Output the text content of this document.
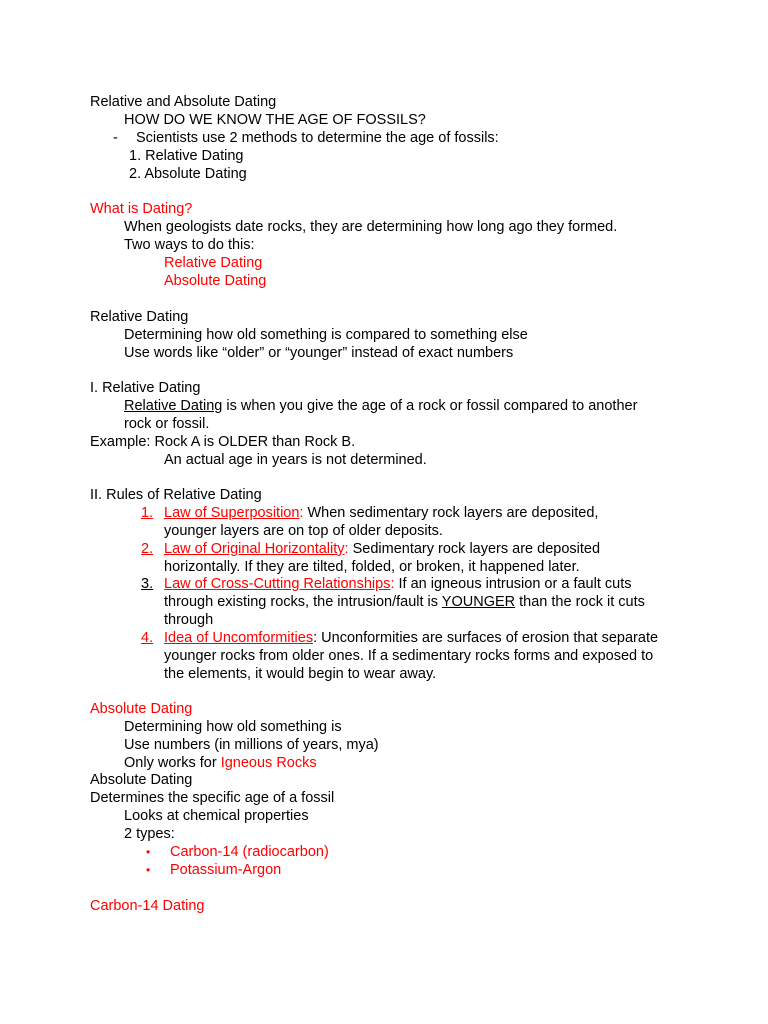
Relative and Absolute Dating

HOW DO WE KNOW THE AGE OF FOSSILS?

- Scientists use 2 methods to determine the age of fossils:

1. Relative Dating

2. Absolute Dating

What is Dating?

When geologists date rocks, they are determining how long ago they formed.

Two ways to do this:

Relative Dating

Absolute Dating

Relative Dating

Determining how old something is compared to something else

Use words like “older” or “younger” instead of exact numbers

I. Relative Dating

Relative Dating is when you give the age of a rock or fossil compared to another

rock or fossil.

Example: Rock A is OLDER than Rock B.

An actual age in years is not determined.

II. Rules of Relative Dating

1. Law of Superposition: When sedimentary rock layers are deposited,

younger layers are on top of older deposits.

2. Law of Original Horizontality: Sedimentary rock layers are deposited

horizontally. If they are tilted, folded, or broken, it happened later.

3. Law of Cross-Cutting Relationships: If an igneous intrusion or a fault cuts

through existing rocks, the intrusion/fault is YOUNGER than the rock it cuts

through

4. Idea of Uncomformities: Unconformities are surfaces of erosion that separate

younger rocks from older ones. If a sedimentary rocks forms and exposed to

the elements, it would begin to wear away.

Absolute Dating

Determining how old something is

Use numbers (in millions of years, mya)

Only works for Igneous Rocks

Absolute Dating

Determines the specific age of a fossil

Looks at chemical properties

2 types:

• Carbon-14 (radiocarbon)

• Potassium-Argon

Carbon-14 Dating
